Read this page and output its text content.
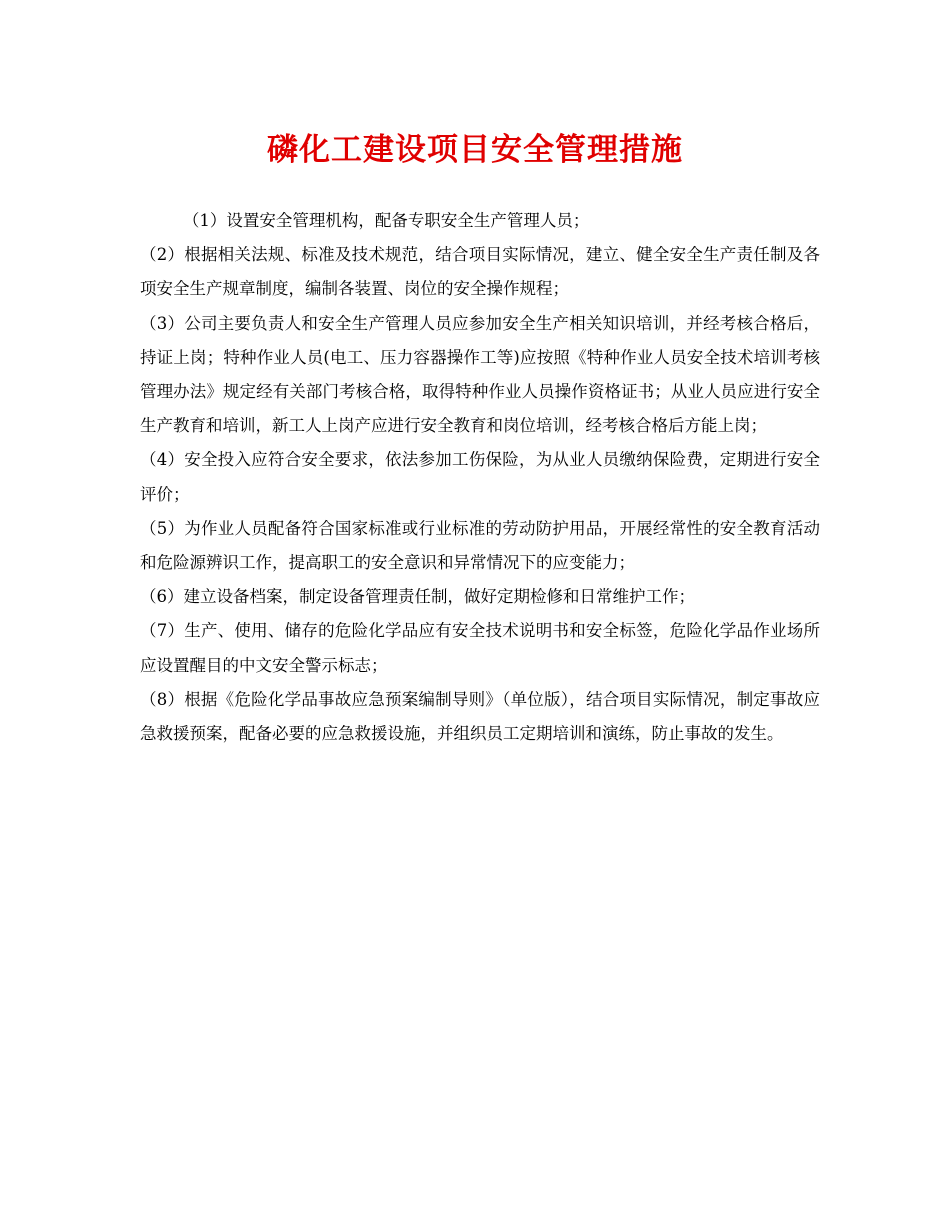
磷化工建设项目安全管理措施

（1）设置安全管理机构，配备专职安全生产管理人员；

（2）根据相关法规、标准及技术规范，结合项目实际情况，建立、健全安全生产责任制及各项安全生产规章制度，编制各装置、岗位的安全操作规程；

（3）公司主要负责人和安全生产管理人员应参加安全生产相关知识培训，并经考核合格后，持证上岗；特种作业人员(电工、压力容器操作工等)应按照《特种作业人员安全技术培训考核管理办法》规定经有关部门考核合格，取得特种作业人员操作资格证书；从业人员应进行安全生产教育和培训，新工人上岗产应进行安全教育和岗位培训，经考核合格后方能上岗；

（4）安全投入应符合安全要求，依法参加工伤保险，为从业人员缴纳保险费，定期进行安全评价；

（5）为作业人员配备符合国家标准或行业标准的劳动防护用品，开展经常性的安全教育活动和危险源辨识工作，提高职工的安全意识和异常情况下的应变能力；

（6）建立设备档案，制定设备管理责任制，做好定期检修和日常维护工作；

（7）生产、使用、储存的危险化学品应有安全技术说明书和安全标签，危险化学品作业场所应设置醒目的中文安全警示标志；

（8）根据《危险化学品事故应急预案编制导则》（单位版），结合项目实际情况，制定事故应急救援预案，配备必要的应急救援设施，并组织员工定期培训和演练，防止事故的发生。
